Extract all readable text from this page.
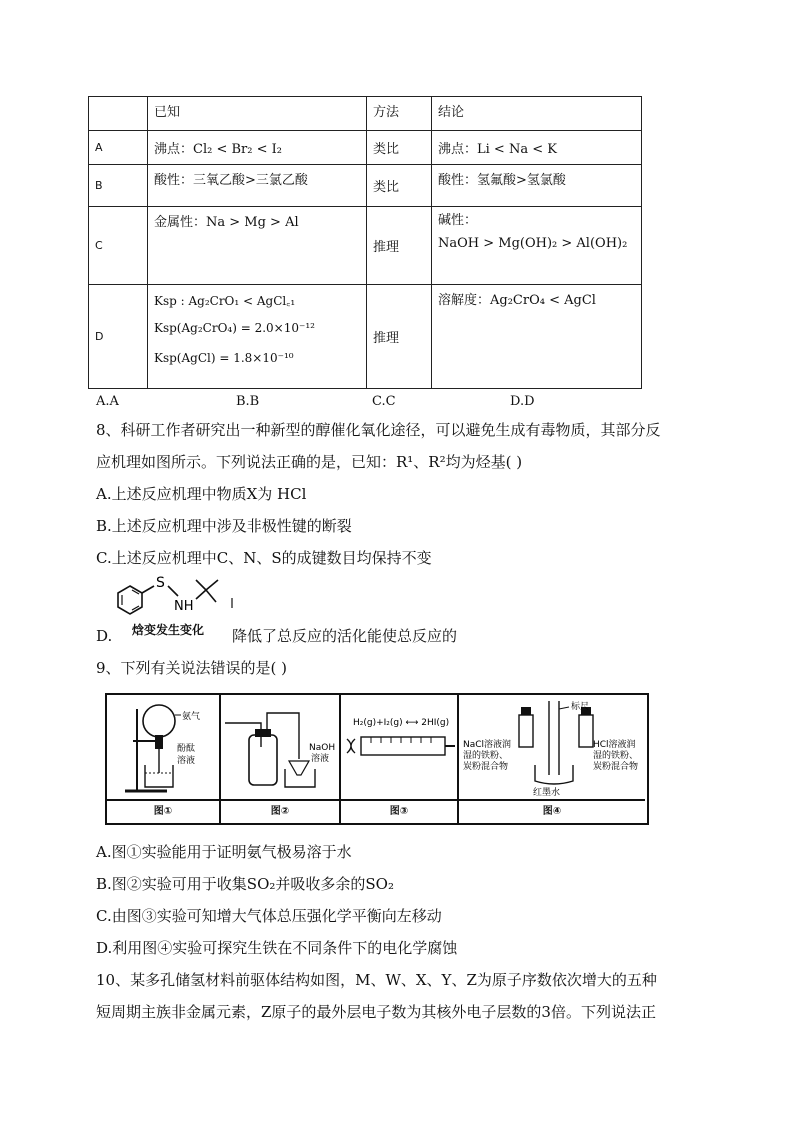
	已知	方法	结论
A	沸点：Cl₂ < Br₂ < I₂	类比	沸点：Li < Na < K
B	酸性：三氧乙酸>三氯乙酸	类比	酸性：氢氟酸>氢氯酸
C	金属性：Na > Mg > Al	推理	碱性：
NaOH > Mg(OH)₂ > Al(OH)₂

D	Ksp : Ag₂CrO₁ < AgCl꜀₁
Ksp(Ag₂CrO₄) = 2.0×10⁻¹²
Ksp(AgCl) = 1.8×10⁻¹⁰	推理	溶解度：Ag₂CrO₄ < AgCl
A.A	B.B	C.C	D.D
8、科研工作者研究出一种新型的醇催化氧化途径，可以避免生成有毒物质，其部分反
应机理如图所示。下列说法正确的是，已知：R¹、R²均为烃基( )
A.上述反应机理中物质X为 HCl
B.上述反应机理中涉及非极性键的断裂
C.上述反应机理中C、N、S的成键数目均保持不变
S
NH
D. 焓变发生变化 降低了总反应的活化能使总反应的
9、下列有关说法错误的是( )
氨气
酚酞
溶液
图①
NaOH
溶液
图②
H₂(g)+I₂(g) ⟷ 2HI(g)
图③
标尺
NaCl溶液润
湿的铁粉、
炭粉混合物
HCl溶液润
湿的铁粉、
炭粉混合物
红墨水
图④
A.图①实验能用于证明氨气极易溶于水
B.图②实验可用于收集SO₂并吸收多余的SO₂
C.由图③实验可知增大气体总压强化学平衡向左移动
D.利用图④实验可探究生铁在不同条件下的电化学腐蚀
10、某多孔储氢材料前驱体结构如图，M、W、X、Y、Z为原子序数依次增大的五种
短周期主族非金属元素，Z原子的最外层电子数为其核外电子层数的3倍。下列说法正
